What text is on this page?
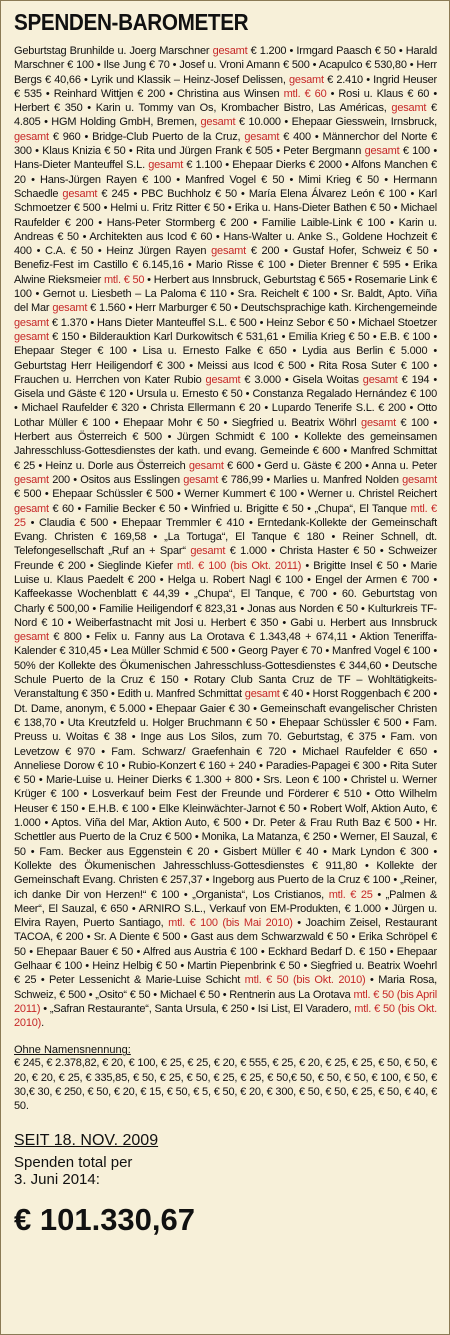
SPENDEN-BAROMETER
Geburtstag Brunhilde u. Joerg Marschner gesamt € 1.200 • Irmgard Paasch € 50 • Harald Marschner € 100 • Ilse Jung € 70 • Josef u. Vroni Amann € 500 • Acapulco € 530,80 • Herr Bergs € 40,66 • Lyrik und Klassik – Heinz-Josef Delissen, gesamt € 2.410 • Ingrid Heuser € 535 • Reinhard Wittjen € 200 • Christina aus Winsen mtl. € 60 • Rosi u. Klaus € 60 • Herbert € 350 • Karin u. Tommy van Os, Krombacher Bistro, Las Américas, gesamt € 4.805 • HGM Holding GmbH, Bremen, gesamt € 10.000 • Ehepaar Giesswein, Irnsbruck, gesamt € 960 • Bridge-Club Puerto de la Cruz, gesamt € 400 • Männerchor del Norte € 300 • Klaus Knizia € 50 • Rita und Jürgen Frank € 505 • Peter Bergmann gesamt € 100 • Hans-Dieter Manteuffel S.L. gesamt € 1.100 • Ehepaar Dierks € 2000 • Alfons Manchen € 20 • Hans-Jürgen Rayen € 100 • Manfred Vogel € 50 • Mimi Krieg € 50 • Hermann Schaedle gesamt € 245 • PBC Buchholz € 50 • María Elena Álvarez León € 100 • Karl Schmoetzer € 500 • Helmi u. Fritz Ritter € 50 • Erika u. Hans-Dieter Bathen € 50 • Michael Raufelder € 200 • Hans-Peter Stormberg € 200 • Familie Laible-Link € 100 • Karin u. Andreas € 50 • Architekten aus Icod € 60 • Hans-Walter u. Anke S., Goldene Hochzeit € 400 • C.A. € 50 • Heinz Jürgen Rayen gesamt € 200 • Gustaf Hofer, Schweiz € 50 • Benefiz-Fest im Castillo € 6.145,16 • Mario Risse € 100 • Dieter Brenner € 595 • Erika Alwine Rieksmeier mtl. € 50 • Herbert aus Innsbruck, Geburtstag € 565 • Rosemarie Link € 100 • Gernot u. Liesbeth – La Paloma € 110 • Sra. Reichelt € 100 • Sr. Baldt, Apto. Viña del Mar gesamt € 1.560 • Herr Marburger € 50 • Deutschsprachige kath. Kirchengemeinde gesamt € 1.370 • Hans Dieter Manteuffel S.L. € 500 • Heinz Sebor € 50 • Michael Stoetzer gesamt € 150 • Bilderauktion Karl Durkowitsch € 531,61 • Emilia Krieg € 50 • E.B. € 100 • Ehepaar Steger € 100 • Lisa u. Ernesto Falke € 650 • Lydia aus Berlin € 5.000 • Geburtstag Herr Heiligendorf € 300 • Meissi aus Icod € 500 • Rita Rosa Suter € 100 • Frauchen u. Herrchen von Kater Rubio gesamt € 3.000 • Gisela Woitas gesamt € 194 • Gisela und Gäste € 120 • Ursula u. Ernesto € 50 • Constanza Regalado Hernández € 100 • Michael Raufelder € 320 • Christa Ellermann € 20 • Lupardo Tenerife S.L. € 200 • Otto Lothar Müller € 100 • Ehepaar Mohr € 50 • Siegfried u. Beatrix Wöhrl gesamt € 100 • Herbert aus Österreich € 500 • Jürgen Schmidt € 100 • Kollekte des gemeinsamen Jahresschluss-Gottesdienstes der kath. und evang. Gemeinde € 600 • Manfred Schmittat € 25 • Heinz u. Dorle aus Österreich gesamt € 600 • Gerd u. Gäste € 200 • Anna u. Peter gesamt 200 • Ositos aus Esslingen gesamt € 786,99 • Marlies u. Manfred Nolden gesamt € 500 • Ehepaar Schüssler € 500 • Werner Kummert € 100 • Werner u. Christel Reichert gesamt € 60 • Familie Becker € 50 • Winfried u. Brigitte € 50 • „Chupa“, El Tanque mtl. € 25 • Claudia € 500 • Ehepaar Tremmler € 410 • Erntedank-Kollekte der Gemeinschaft Evang. Christen € 169,58 • „La Tortuga“, El Tanque € 180 • Reiner Schnell, dt. Telefongesellschaft „Ruf an + Spar“ gesamt € 1.000 • Christa Haster € 50 • Schweizer Freunde € 200 • Sieglinde Kiefer mtl. € 100 (bis Okt. 2011) • Brigitte Insel € 50 • Marie Luise u. Klaus Paedelt € 200 • Helga u. Robert Nagl € 100 • Engel der Armen € 700 • Kaffeekasse Wochenblatt € 44,39 • „Chupa“, El Tanque, € 700 • 60. Geburtstag von Charly € 500,00 • Familie Heiligendorf € 823,31 • Jonas aus Norden € 50 • Kulturkreis TF-Nord € 10 • Weiberfastnacht mit Josi u. Herbert € 350 • Gabi u. Herbert aus Innsbruck gesamt € 800 • Felix u. Fanny aus La Orotava € 1.343,48 + 674,11 • Aktion Teneriffa-Kalender € 310,45 • Lea Müller Schmid € 500 • Georg Payer € 70 • Manfred Vogel € 100 • 50% der Kollekte des Ökumenischen Jahresschluss-Gottesdienstes € 344,60 • Deutsche Schule Puerto de la Cruz € 150 • Rotary Club Santa Cruz de TF – Wohltätigkeits-Veranstaltung € 350 • Edith u. Manfred Schmittat gesamt € 40 • Horst Roggenbach € 200 • Dt. Dame, anonym, € 5.000 • Ehepaar Gaier € 30 • Gemeinschaft evangelischer Christen € 138,70 • Uta Kreutzfeld u. Holger Bruchmann € 50 • Ehepaar Schüssler € 500 • Fam. Preuss u. Woitas € 38 • Inge aus Los Silos, zum 70. Geburtstag, € 375 • Fam. von Levetzow € 970 • Fam. Schwarz/ Graefenhain € 720 • Michael Raufelder € 650 • Anneliese Dorow € 10 • Rubio-Konzert € 160 + 240 • Paradies-Papagei € 300 • Rita Suter € 50 • Marie-Luise u. Heiner Dierks € 1.300 + 800 • Srs. Leon € 100 • Christel u. Werner Krüger € 100 • Losverkauf beim Fest der Freunde und Förderer € 510 • Otto Wilhelm Heuser € 150 • E.H.B. € 100 • Elke Kleinwächter-Jarnot € 50 • Robert Wolf, Aktion Auto, € 1.000 • Aptos. Viña del Mar, Aktion Auto, € 500 • Dr. Peter & Frau Ruth Baz € 500 • Hr. Schettler aus Puerto de la Cruz € 500 • Monika, La Matanza, € 250 • Werner, El Sauzal, € 50 • Fam. Becker aus Eggenstein € 20 • Gisbert Müller € 40 • Mark Lyndon € 300 • Kollekte des Ökumenischen Jahresschluss-Gottesdienstes € 911,80 • Kollekte der Gemeinschaft Evang. Christen € 257,37 • Ingeborg aus Puerto de la Cruz € 100 • „Reiner, ich danke Dir von Herzen!“ € 100 • „Organista“, Los Cristianos, mtl. € 25 • „Palmen & Meer“, El Sauzal, € 650 • ARNIRO S.L., Verkauf von EM-Produkten, € 1.000 • Jürgen u. Elvira Rayen, Puerto Santiago, mtl. € 100 (bis Mai 2010) • Joachim Zeisel, Restaurant TACOA, € 200 • Sr. A Diente € 500 • Gast aus dem Schwarzwald € 50 • Erika Schröpel € 50 • Ehepaar Bauer € 50 • Alfred aus Austria € 100 • Eckhard Bedarf D. € 150 • Ehepaar Gelhaar € 100 • Heinz Helbig € 50 • Martin Piepenbrink € 50 • Siegfried u. Beatrix Woehrl € 25 • Peter Lessenicht & Marie-Luise Schicht mtl. € 50 (bis Okt. 2010) • Maria Rosa, Schweiz, € 500 • „Osito“ € 50 • Michael € 50 • Rentnerin aus La Orotava mtl. € 50 (bis April 2011) • „Safran Restaurante“, Santa Ursula, € 250 • Isi List, El Varadero, mtl. € 50 (bis Okt. 2010).
Ohne Namensnennung:
€ 245, € 2.378,82, € 20, € 100, € 25, € 25, € 20, € 555, € 25, € 20, € 25, € 25, € 50, € 50, € 20, € 20, € 25, € 335,85, € 50, € 25, € 50, € 25, € 25, € 50,€ 50, € 50, € 50, € 100, € 50, € 30,€ 30, € 250, € 50, € 20, € 15, € 50, € 5, € 50, € 20, € 300, € 50, € 50, € 25, € 50, € 40, € 50.
SEIT 18. NOV. 2009
Spenden total per
3. Juni 2014:
€ 101.330,67
